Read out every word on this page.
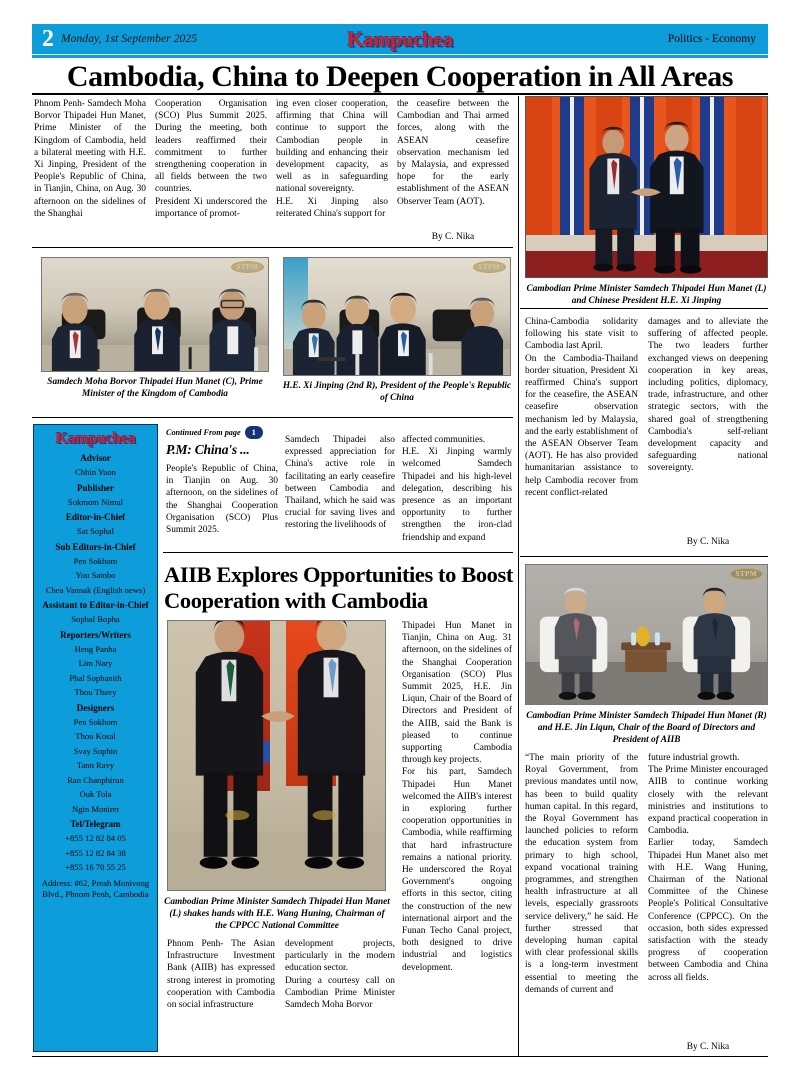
2 Monday, 1st September 2025	Kampuchea	Politics - Economy
Cambodia, China to Deepen Cooperation in All Areas
Phnom Penh- Samdech Moha Borvor Thipadei Hun Manet, Prime Minister of the Kingdom of Cambodia, held a bilateral meeting with H.E. Xi Jinping, President of the People's Republic of China, in Tianjin, China, on Aug. 30 afternoon on the sidelines of the Shanghai

Cooperation Organisation (SCO) Plus Summit 2025. During the meeting, both leaders reaffirmed their commitment to further strengthening cooperation in all fields between the two countries.

President Xi underscored the importance of promot-

ing even closer cooperation, affirming that China will continue to support the Cambodian people in building and enhancing their development capacity, as well as in safeguarding national sovereignty.

H.E. Xi Jinping also reiterated China's support for

the ceasefire between the Cambodian and Thai armed forces, along with the ASEAN ceasefire observation mechanism led by Malaysia, and expressed hope for the early establishment of the ASEAN Observer Team (AOT).
By C. Nika
Cambodian Prime Minister Samdech Thipadei Hun Manet (L) and Chinese President H.E. Xi Jinping
STPM
Samdech Moha Borvor Thipadei Hun Manet (C), Prime Minister of the Kingdom of Cambodia
STPM
H.E. Xi Jinping (2nd R), President of the People's Republic of China

China-Cambodia solidarity following his state visit to Cambodia last April.

On the Cambodia-Thailand border situation, President Xi reaffirmed China's support for the ceasefire, the ASEAN ceasefire observation mechanism led by Malaysia, and the early establishment of the ASEAN Observer Team (AOT). He has also provided humanitarian assistance to help Cambodia recover from recent conflict-related

damages and to alleviate the suffering of affected people. The two leaders further exchanged views on deepening cooperation in key areas, including politics, diplomacy, trade, infrastructure, and other strategic sectors, with the shared goal of strengthening Cambodia's self-reliant development capacity and safeguarding national sovereignty.
By C. Nika
Kampuchea
Advisor
Chhin Yuon
Publisher
Sokmom Nimul
Editor-in-Chief
Sat Sophal
Sub Editors-in-Chief
Pen Sokhom
You Sambo
Chea Vannak (English news)
Assistant to Editor-in-Chief
Sophal Bopha
Reporters/Writers
Heng Panha
Lim Nary
Phal Sophanith
Thou Thavy
Designers
Pen Sokhom
Thou Kosal
Svay Sophin
Tann Ravy
Ran Chanphirun
Ouk Tola
Ngin Moniret
Tel/Telegram
+855 12 82 84 05
+855 12 82 84 38
+855 16 70 55 25
Address: #62, Preah Monivong Blvd., Phnom Penh, Cambodia
Continued From page	1
P.M: China's ...
People's Republic of China, in Tianjin on Aug. 30 afternoon, on the sidelines of the Shanghai Cooperation Organisation (SCO) Plus Summit 2025.
Samdech Thipadei also expressed appreciation for China's active role in facilitating an early ceasefire between Cambodia and Thailand, which he said was crucial for saving lives and restoring the livelihoods of

affected communities.

H.E. Xi Jinping warmly welcomed Samdech Thipadei and his high-level delegation, describing his presence as an important opportunity to further strengthen the iron-clad friendship and expand

AIIB Explores Opportunities to Boost Cooperation with Cambodia
Cambodian Prime Minister Samdech Thipadei Hun Manet (L) shakes hands with H.E. Wang Huning, Chairman of the CPPCC National Committee
Phnom Penh- The Asian Infrastructure Investment Bank (AIIB) has expressed strong interest in promoting cooperation with Cambodia on social infrastructure

development projects, particularly in the modern education sector.

During a courtesy call on Cambodian Prime Minister Samdech Moha Borvor

Thipadei Hun Manet in Tianjin, China on Aug. 31 afternoon, on the sidelines of the Shanghai Cooperation Organisation (SCO) Plus Summit 2025, H.E. Jin Liqun, Chair of the Board of Directors and President of the AIIB, said the Bank is pleased to continue supporting Cambodia through key projects.

For his part, Samdech Thipadei Hun Manet welcomed the AIIB's interest in exploring further cooperation opportunities in Cambodia, while reaffirming that hard infrastructure remains a national priority. He underscored the Royal Government's ongoing efforts in this sector, citing the construction of the new international airport and the Funan Techo Canal project, both designed to drive industrial and logistics development.

STPM
Cambodian Prime Minister Samdech Thipadei Hun Manet (R) and H.E. Jin Liqun, Chair of the Board of Directors and President of AIIB
“The main priority of the Royal Government, from previous mandates until now, has been to build quality human capital. In this regard, the Royal Government has launched policies to reform the education system from primary to high school, expand vocational training programmes, and strengthen health infrastructure at all levels, especially grassroots service delivery,” he said. He further stressed that developing human capital with clear professional skills is a long-term investment essential to meeting the demands of current and

future industrial growth.

The Prime Minister encouraged AIIB to continue working closely with the relevant ministries and institutions to expand practical cooperation in Cambodia.

Earlier today, Samdech Thipadei Hun Manet also met with H.E. Wang Huning, Chairman of the National Committee of the Chinese People's Political Consultative Conference (CPPCC). On the occasion, both sides expressed satisfaction with the steady progress of cooperation between Cambodia and China across all fields.

By C. Nika
